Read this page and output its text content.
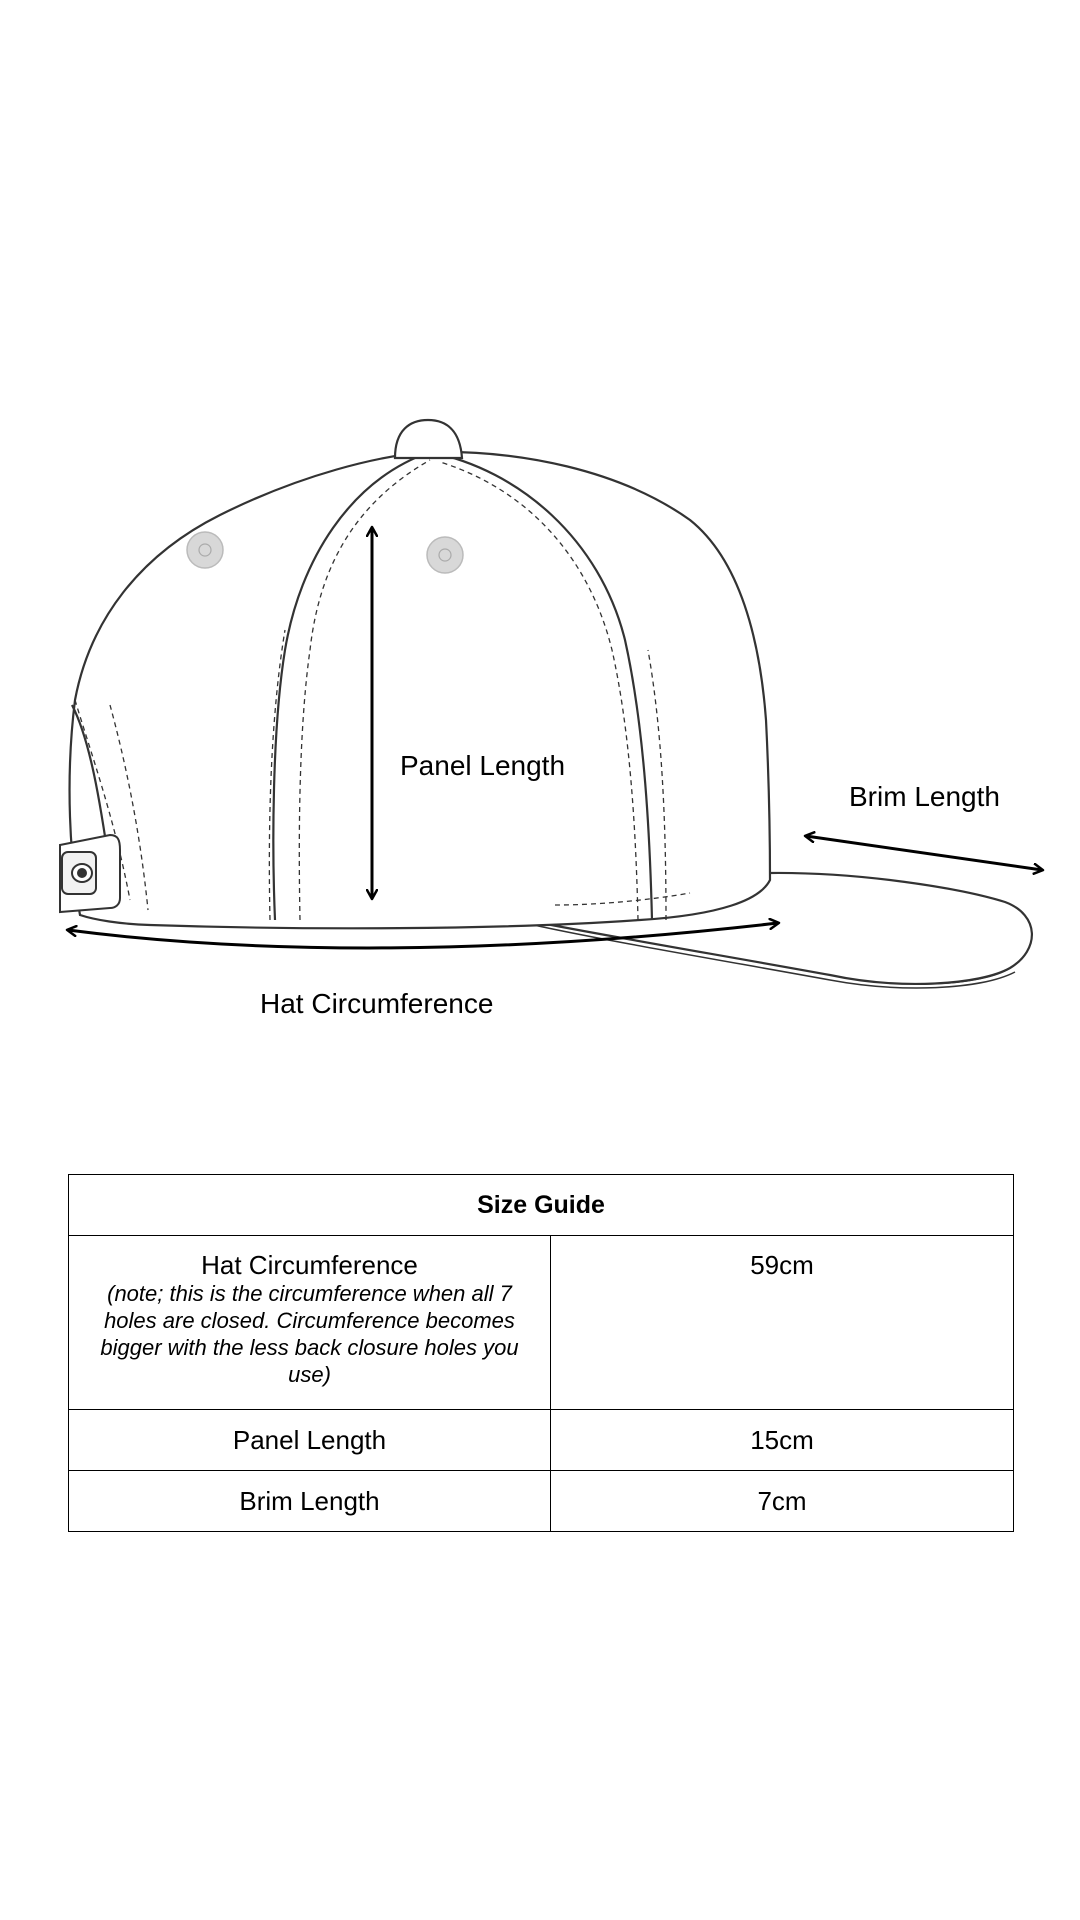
Panel Length
Brim Length
Hat Circumference
Size Guide	

Hat Circumference
(note; this is the circumference when all 7 holes are closed. Circumference becomes bigger with the less back closure holes you use)	59cm

Panel Length	15cm
Brim Length	7cm
